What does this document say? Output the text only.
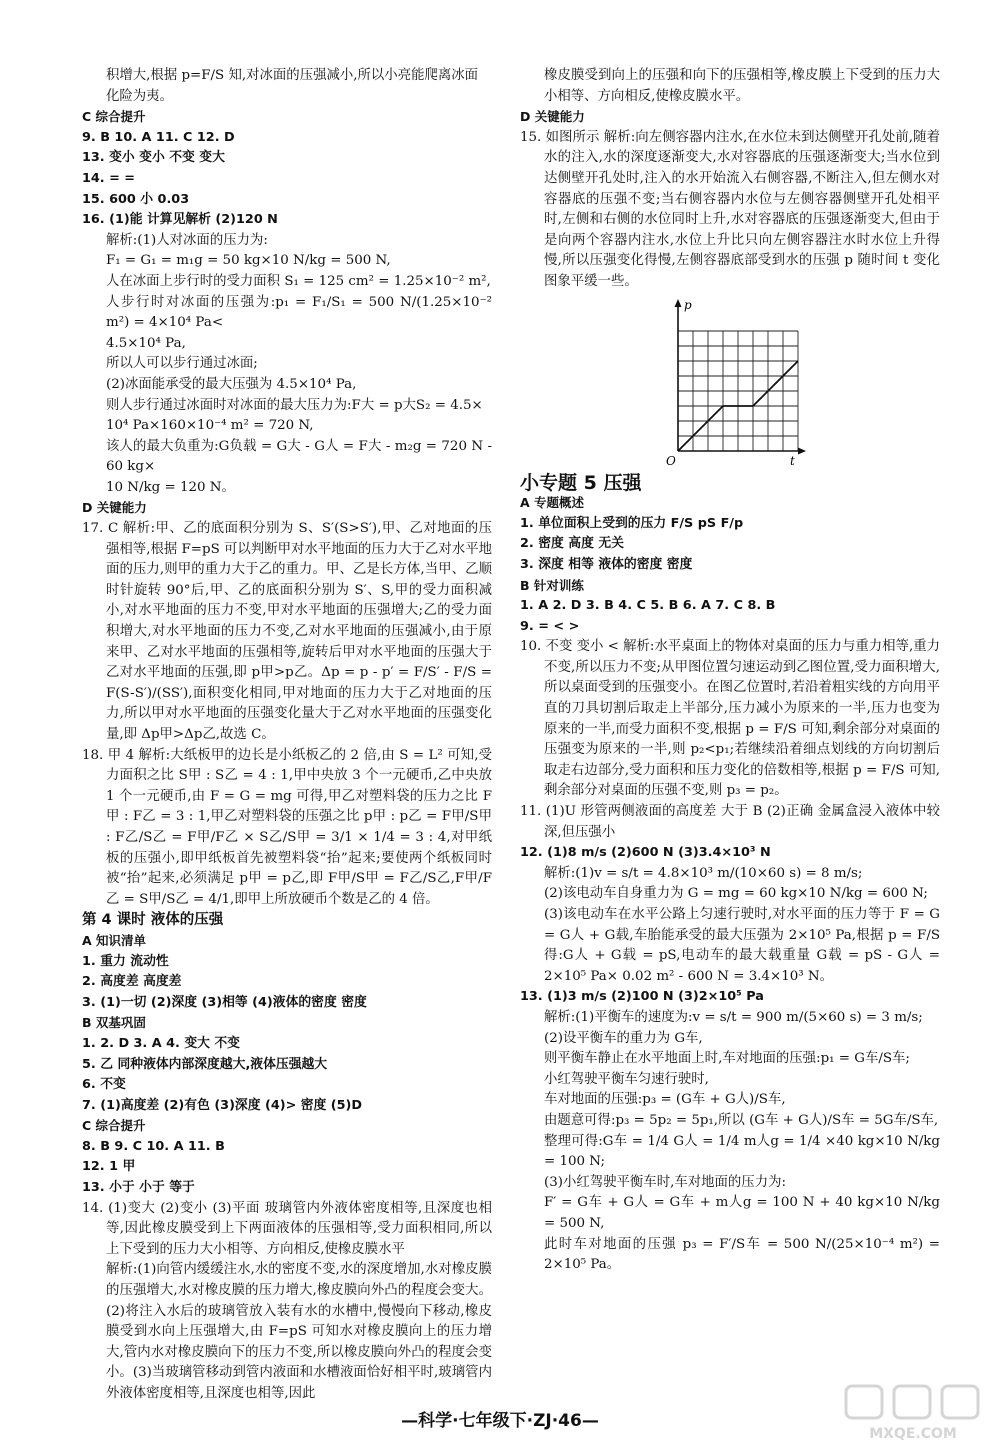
积增大,根据 p=F/S 知,对冰面的压强减小,所以小亮能爬离冰面

化险为夷。

C 综合提升

9. B 10. A 11. C 12. D

13. 变小 变小 不变 变大

14. = =

15. 600 小 0.03

16. (1)能 计算见解析 (2)120 N

解析:(1)人对冰面的压力为:

F₁ = G₁ = m₁g = 50 kg×10 N/kg = 500 N,

人在冰面上步行时的受力面积 S₁ = 125 cm² = 1.25×10⁻² m²,

人步行时对冰面的压强为:p₁ = F₁/S₁ = 500 N/(1.25×10⁻² m²) = 4×10⁴ Pa<

4.5×10⁴ Pa,

所以人可以步行通过冰面;

(2)冰面能承受的最大压强为 4.5×10⁴ Pa,

则人步行通过冰面时对冰面的最大压力为:F大 = p大S₂ = 4.5×

10⁴ Pa×160×10⁻⁴ m² = 720 N,

该人的最大负重为:G负载 = G大 - G人 = F大 - m₂g = 720 N - 60 kg×

10 N/kg = 120 N。

D 关键能力

17. C 解析:甲、乙的底面积分别为 S、S′(S>S′),甲、乙对地面的压强相等,根据 F=pS 可以判断甲对水平地面的压力大于乙对水平地面的压力,则甲的重力大于乙的重力。甲、乙是长方体,当甲、乙顺时针旋转 90°后,甲、乙的底面积分别为 S′、S,甲的受力面积减小,对水平地面的压力不变,甲对水平地面的压强增大;乙的受力面积增大,对水平地面的压力不变,乙对水平地面的压强减小,由于原来甲、乙对水平地面的压强相等,旋转后甲对水平地面的压强大于乙对水平地面的压强,即 p甲>p乙。Δp = p - p′ = F/S′ - F/S = F(S-S′)/(SS′),面积变化相同,甲对地面的压力大于乙对地面的压力,所以甲对水平地面的压强变化量大于乙对水平地面的压强变化量,即 Δp甲>Δp乙,故选 C。

18. 甲 4 解析:大纸板甲的边长是小纸板乙的 2 倍,由 S = L² 可知,受力面积之比 S甲 : S乙 = 4 : 1,甲中央放 3 个一元硬币,乙中央放 1 个一元硬币,由 F = G = mg 可得,甲乙对塑料袋的压力之比 F甲 : F乙 = 3 : 1,甲乙对塑料袋的压强之比 p甲 : p乙 = F甲/S甲 : F乙/S乙 = F甲/F乙 × S乙/S甲 = 3/1 × 1/4 = 3 : 4,对甲纸板的压强小,即甲纸板首先被塑料袋“抬”起来;要使两个纸板同时被“抬”起来,必须满足 p甲 = p乙,即 F甲/S甲 = F乙/S乙,F甲/F乙 = S甲/S乙 = 4/1,即甲上所放硬币个数是乙的 4 倍。

第 4 课时 液体的压强

A 知识清单

1. 重力 流动性

2. 高度差 高度差

3. (1)一切 (2)深度 (3)相等 (4)液体的密度 密度

B 双基巩固

1. 2. D 3. A 4. 变大 不变

5. 乙 同种液体内部深度越大,液体压强越大

6. 不变

7. (1)高度差 (2)有色 (3)深度 (4)> 密度 (5)D

C 综合提升

8. B 9. C 10. A 11. B

12. 1 甲

13. 小于 小于 等于

14. (1)变大 (2)变小 (3)平面 玻璃管内外液体密度相等,且深度也相等,因此橡皮膜受到上下两面液体的压强相等,受力面积相同,所以上下受到的压力大小相等、方向相反,使橡皮膜水平

解析:(1)向管内缓缓注水,水的密度不变,水的深度增加,水对橡皮膜的压强增大,水对橡皮膜的压力增大,橡皮膜向外凸的程度会变大。(2)将注入水后的玻璃管放入装有水的水槽中,慢慢向下移动,橡皮膜受到水向上压强增大,由 F=pS 可知水对橡皮膜向上的压力增大,管内水对橡皮膜向下的压力不变,所以橡皮膜向外凸的程度会变小。(3)当玻璃管移动到管内液面和水槽液面恰好相平时,玻璃管内外液体密度相等,且深度也相等,因此

橡皮膜受到向上的压强和向下的压强相等,橡皮膜上下受到的压力大小相等、方向相反,使橡皮膜水平。

D 关键能力

15. 如图所示 解析:向左侧容器内注水,在水位未到达侧壁开孔处前,随着水的注入,水的深度逐渐变大,水对容器底的压强逐渐变大;当水位到达侧壁开孔处时,注入的水开始流入右侧容器,不断注入,但左侧水对容器底的压强不变;当右侧容器内水位与左侧容器侧壁开孔处相平时,左侧和右侧的水位同时上升,水对容器底的压强逐渐变大,但由于是向两个容器内注水,水位上升比只向左侧容器注水时水位上升得慢,所以压强变化得慢,左侧容器底部受到水的压强 p 随时间 t 变化图象平缓一些。

p
O	t

小专题 5 压强

A 专题概述

1. 单位面积上受到的压力 F/S pS F/p

2. 密度 高度 无关

3. 深度 相等 液体的密度 密度

B 针对训练

1. A 2. D 3. B 4. C 5. B 6. A 7. C 8. B

9. = < >

10. 不变 变小 < 解析:水平桌面上的物体对桌面的压力与重力相等,重力不变,所以压力不变;从甲图位置匀速运动到乙图位置,受力面积增大,所以桌面受到的压强变小。在图乙位置时,若沿着粗实线的方向用平直的刀具切割后取走上半部分,压力减小为原来的一半,压力也变为原来的一半,而受力面积不变,根据 p = F/S 可知,剩余部分对桌面的压强变为原来的一半,则 p₂<p₁;若继续沿着细点划线的方向切割后取走右边部分,受力面积和压力变化的倍数相等,根据 p = F/S 可知,剩余部分对桌面的压强不变,则 p₃ = p₂。

11. (1)U 形管两侧液面的高度差 大于 B (2)正确 金属盒浸入液体中较深,但压强小

12. (1)8 m/s (2)600 N (3)3.4×10³ N

解析:(1)v = s/t = 4.8×10³ m/(10×60 s) = 8 m/s;

(2)该电动车自身重力为 G = mg = 60 kg×10 N/kg = 600 N;

(3)该电动车在水平公路上匀速行驶时,对水平面的压力等于 F = G = G人 + G载,车胎能承受的最大压强为 2×10⁵ Pa,根据 p = F/S 得:G人 + G载 = pS,电动车的最大载重量 G载 = pS - G人 = 2×10⁵ Pa× 0.02 m² - 600 N = 3.4×10³ N。

13. (1)3 m/s (2)100 N (3)2×10⁵ Pa

解析:(1)平衡车的速度为:v = s/t = 900 m/(5×60 s) = 3 m/s;

(2)设平衡车的重力为 G车,

则平衡车静止在水平地面上时,车对地面的压强:p₁ = G车/S车;

小红驾驶平衡车匀速行驶时,

车对地面的压强:p₃ = (G车 + G人)/S车,

由题意可得:p₃ = 5p₂ = 5p₁,所以 (G车 + G人)/S车 = 5G车/S车,

整理可得:G车 = 1/4 G人 = 1/4 m人g = 1/4 ×40 kg×10 N/kg = 100 N;

(3)小红驾驶平衡车时,车对地面的压力为:

F′ = G车 + G人 = G车 + m人g = 100 N + 40 kg×10 N/kg = 500 N,

此时车对地面的压强 p₃ = F′/S车 = 500 N/(25×10⁻⁴ m²) = 2×10⁵ Pa。

—科学·七年级下·ZJ·46—
MXQE.COM
